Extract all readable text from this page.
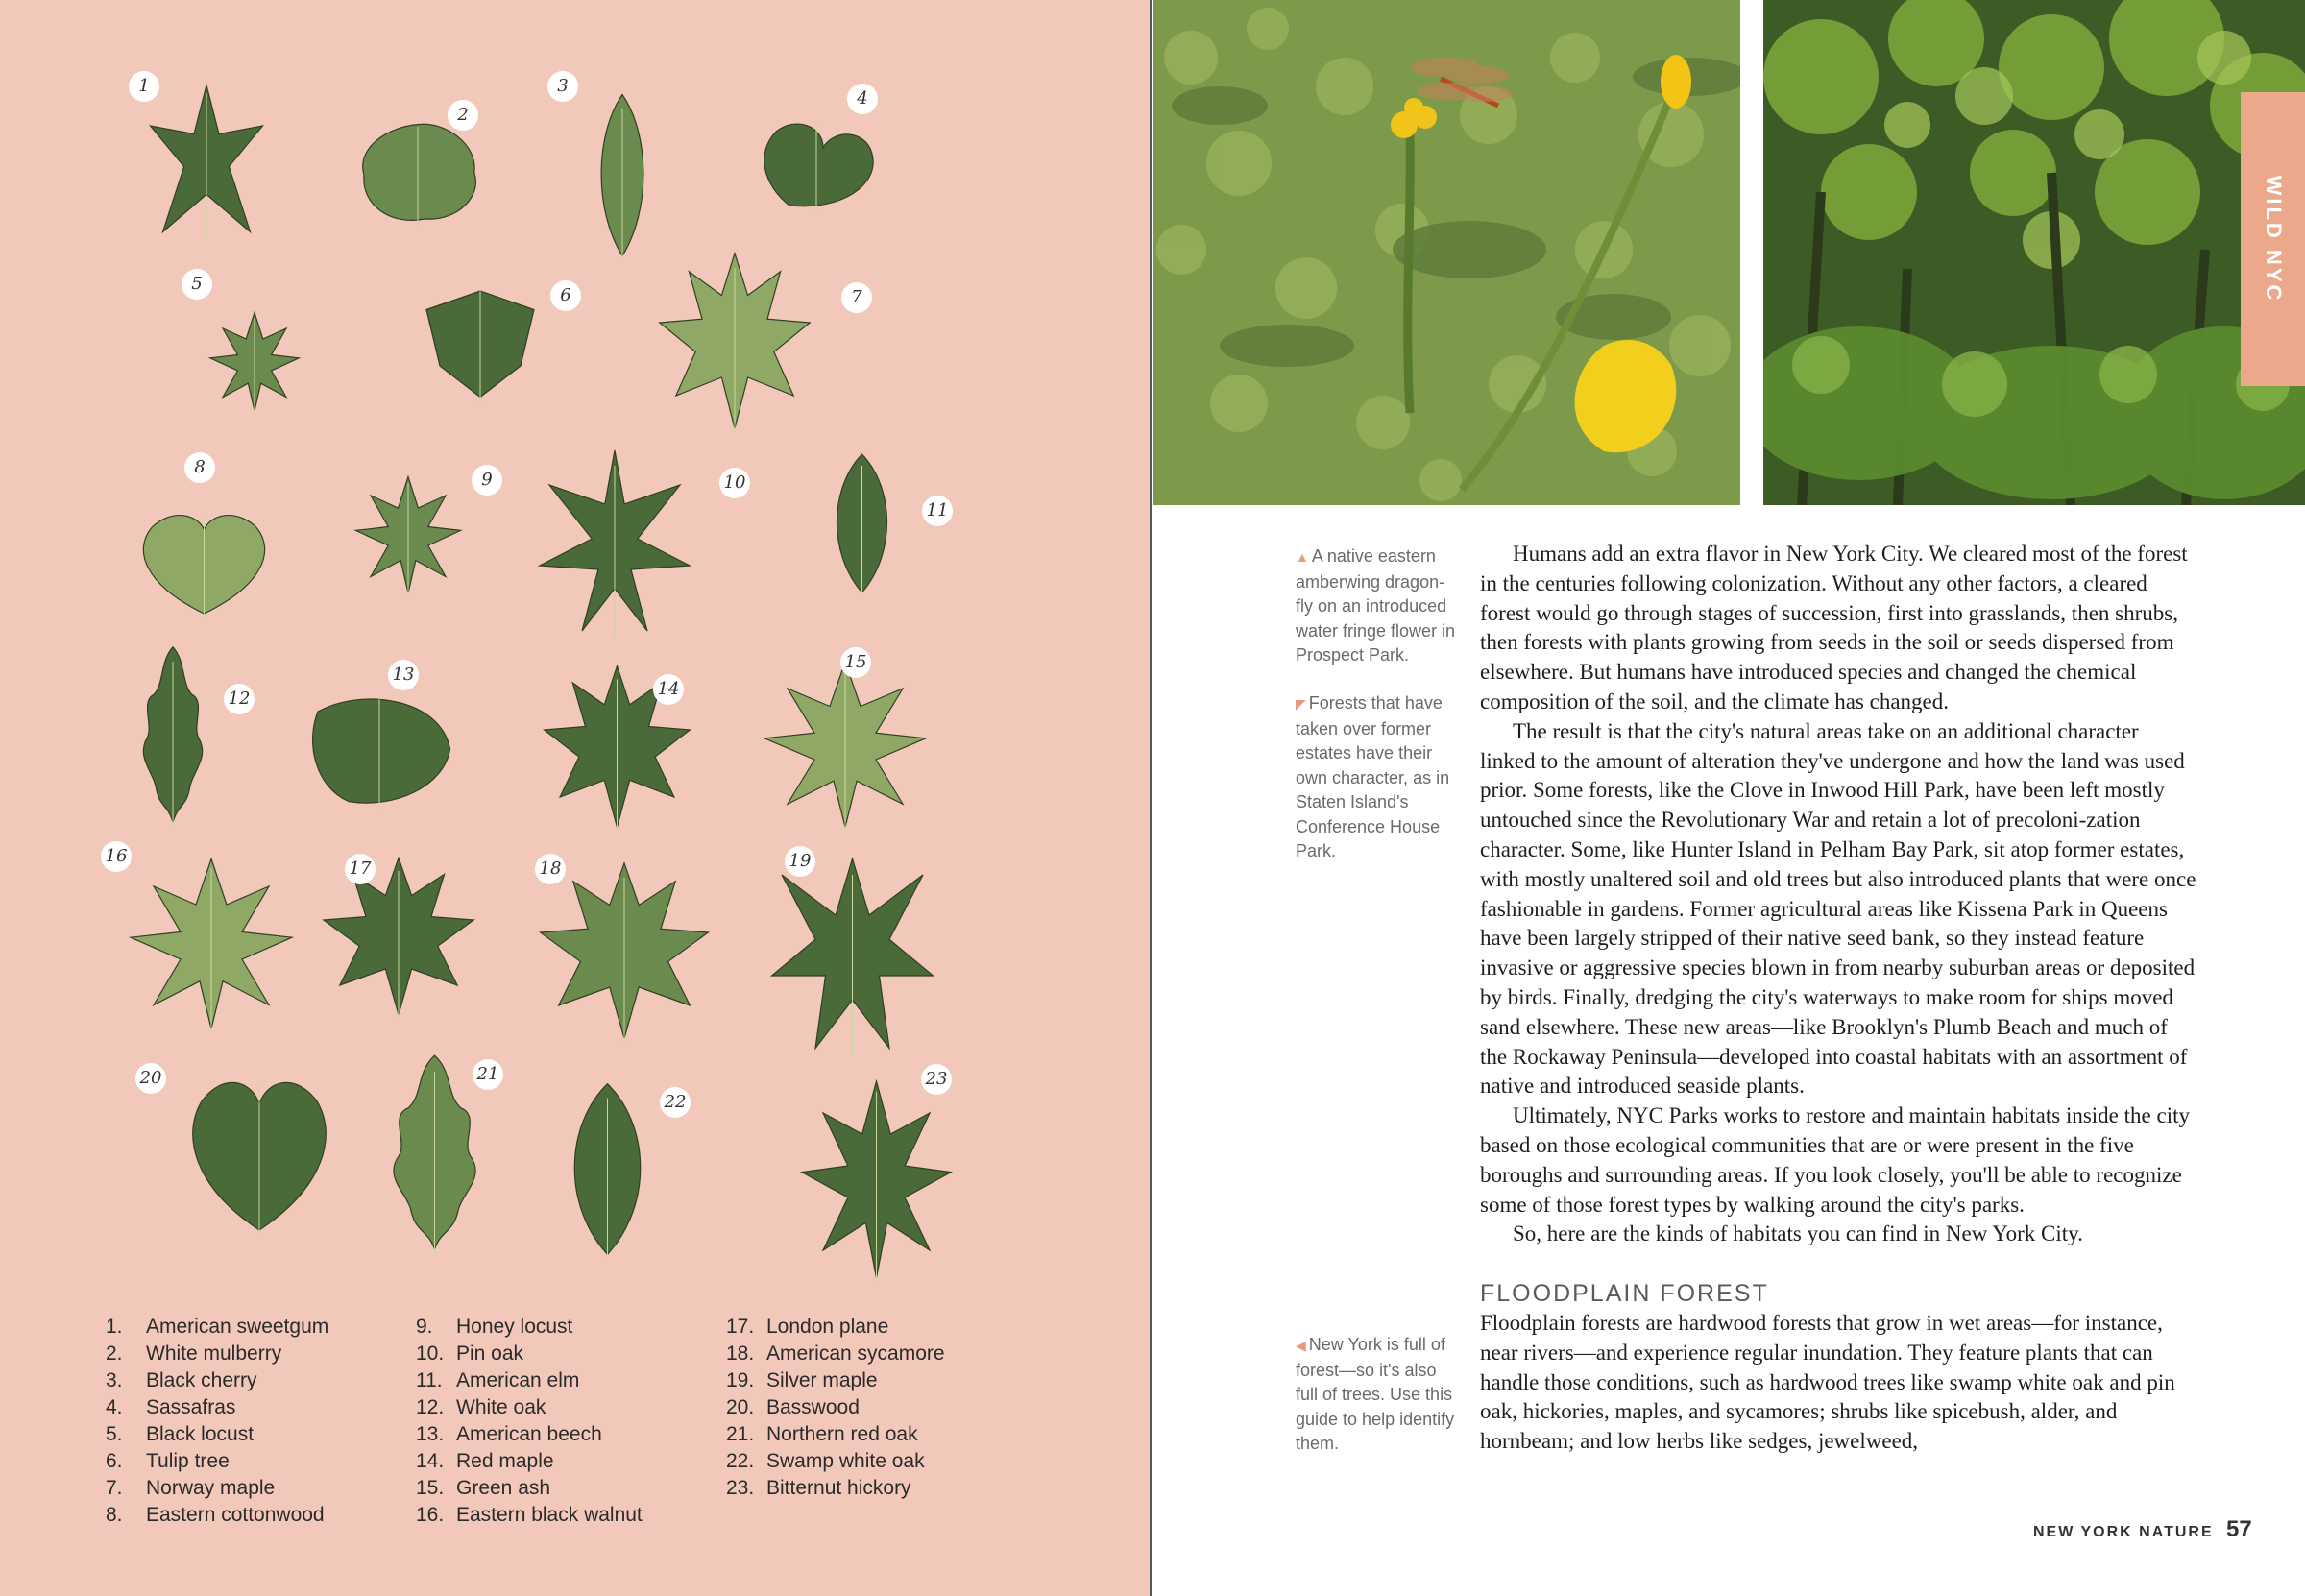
1
2
3
4
5
6	7
8
9	10
11
12
13
14
15
16
17	18	19
20	21
22
23
1. American sweetgum
2. White mulberry
3. Black cherry
4. Sassafras
5. Black locust
6. Tulip tree
7. Norway maple
8. Eastern cottonwood
9. Honey locust
10. Pin oak
11. American elm
12. White oak
13. American beech
14. Red maple
15. Green ash
16. Eastern black walnut
17. London plane
18. American sycamore
19. Silver maple
20. Basswood
21. Northern red oak
22. Swamp white oak
23. Bitternut hickory
WILD NYC
▲ A native eastern amberwing dragon-fly on an introduced water fringe flower in Prospect Park.
◤ Forests that have taken over former estates have their own character, as in Staten Island's Conference House Park.
◀ New York is full of forest—so it's also full of trees. Use this guide to help identify them.

Humans add an extra flavor in New York City. We cleared most of the forest in the centuries following colonization. Without any other factors, a cleared forest would go through stages of succession, first into grasslands, then shrubs, then forests with plants growing from seeds in the soil or seeds dispersed from elsewhere. But humans have introduced species and changed the chemical composition of the soil, and the climate has changed.

The result is that the city's natural areas take on an additional character linked to the amount of alteration they've undergone and how the land was used prior. Some forests, like the Clove in Inwood Hill Park, have been left mostly untouched since the Revolutionary War and retain a lot of precoloni-zation character. Some, like Hunter Island in Pelham Bay Park, sit atop former estates, with mostly unaltered soil and old trees but also introduced plants that were once fashionable in gardens. Former agricultural areas like Kissena Park in Queens have been largely stripped of their native seed bank, so they instead feature invasive or aggressive species blown in from nearby suburban areas or deposited by birds. Finally, dredging the city's waterways to make room for ships moved sand elsewhere. These new areas—like Brooklyn's Plumb Beach and much of the Rockaway Peninsula—developed into coastal habitats with an assortment of native and introduced seaside plants.

Ultimately, NYC Parks works to restore and maintain habitats inside the city based on those ecological communities that are or were present in the five boroughs and surrounding areas. If you look closely, you'll be able to recognize some of those forest types by walking around the city's parks.

So, here are the kinds of habitats you can find in New York City.

FLOODPLAIN FOREST

Floodplain forests are hardwood forests that grow in wet areas—for instance, near rivers—and experience regular inundation. They feature plants that can handle those conditions, such as hardwood trees like swamp white oak and pin oak, hickories, maples, and sycamores; shrubs like spicebush, alder, and hornbeam; and low herbs like sedges, jewelweed,

NEW YORK NATURE 57
